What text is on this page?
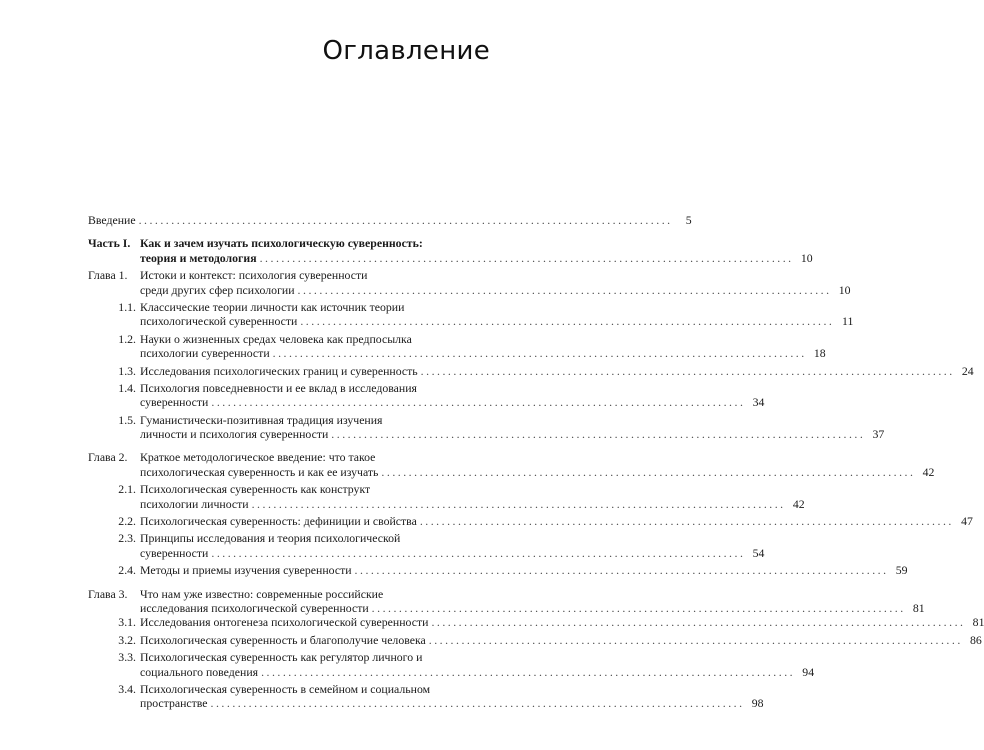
Оглавление
Введение ..................................................................................................	5
Часть I. Как и зачем изучать психологическую суверенность:
теория и методология .................................................................................................. 10
Глава 1. Истоки и контекст: психология суверенности
среди других сфер психологии .................................................................................................. 10
1.1. Классические теории личности как источник теории
психологической суверенности .................................................................................................. 11
1.2. Науки о жизненных средах человека как предпосылка
психологии суверенности .................................................................................................. 18
1.3. Исследования психологических границ и суверенность .................................................................................................. 24
1.4. Психология повседневности и ее вклад в исследования
суверенности .................................................................................................. 34
1.5. Гуманистически-позитивная традиция изучения
личности и психология суверенности .................................................................................................. 37
Глава 2. Краткое методологическое введение: что такое
психологическая суверенность и как ее изучать .................................................................................................. 42
2.1. Психологическая суверенность как конструкт
психологии личности .................................................................................................. 42
2.2. Психологическая суверенность: дефиниции и свойства .................................................................................................. 47
2.3. Принципы исследования и теория психологической
суверенности .................................................................................................. 54
2.4. Методы и приемы изучения суверенности .................................................................................................. 59
Глава 3. Что нам уже известно: современные российские
исследования психологической суверенности .................................................................................................. 81
3.1. Исследования онтогенеза психологической суверенности .................................................................................................. 81
3.2. Психологическая суверенность и благополучие человека .................................................................................................. 86
3.3. Психологическая суверенность как регулятор личного и
социального поведения .................................................................................................. 94
3.4. Психологическая суверенность в семейном и социальном
пространстве .................................................................................................. 98
